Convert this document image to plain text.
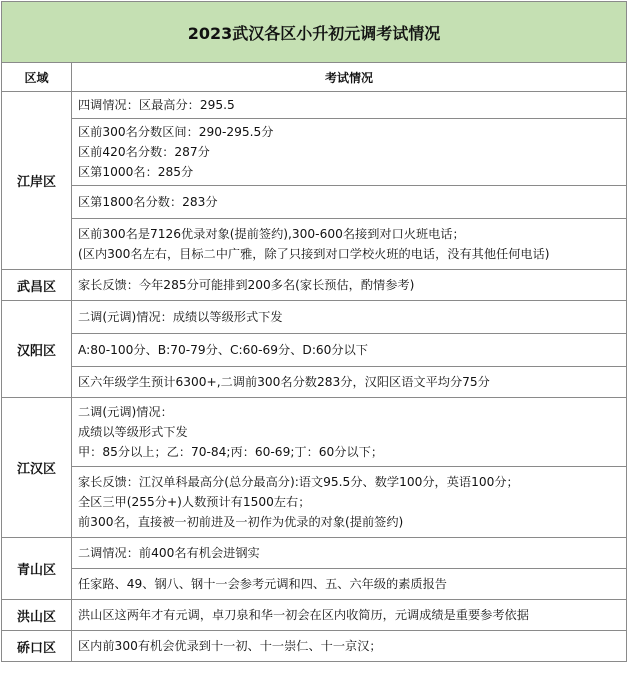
2023武汉各区小升初元调考试情况	
区域	考试情况
江岸区	四调情况：区最高分：295.5

	区前300名分数区间：290-295.5分
区前420名分数：287分
区第1000名：285分

	区第1800名分数：283分

	区前300名是7126优录对象(提前签约),300-600名接到对口火班电话；
(区内300名左右，目标二中广雅，除了只接到对口学校火班的电话，没有其他任何电话)

武昌区	家长反馈：今年285分可能排到200多名(家长预估，酌情参考)

汉阳区	二调(元调)情况：成绩以等级形式下发

	A:80-100分、B:70-79分、C:60-69分、D:60分以下

	区六年级学生预计6300+,二调前300名分数283分，汉阳区语文平均分75分

江汉区	二调(元调)情况：
成绩以等级形式下发
甲：85分以上；乙：70-84;丙：60-69;丁：60分以下；

	家长反馈：江汉单科最高分(总分最高分):语文95.5分、数学100分，英语100分；
全区三甲(255分+)人数预计有1500左右；
前300名，直接被一初前进及一初作为优录的对象(提前签约)

青山区	二调情况：前400名有机会进钢实

	任家路、49、钢八、钢十一会参考元调和四、五、六年级的素质报告

洪山区	洪山区这两年才有元调，卓刀泉和华一初会在区内收简历，元调成绩是重要参考依据

硚口区	区内前300有机会优录到十一初、十一崇仁、十一京汉；
